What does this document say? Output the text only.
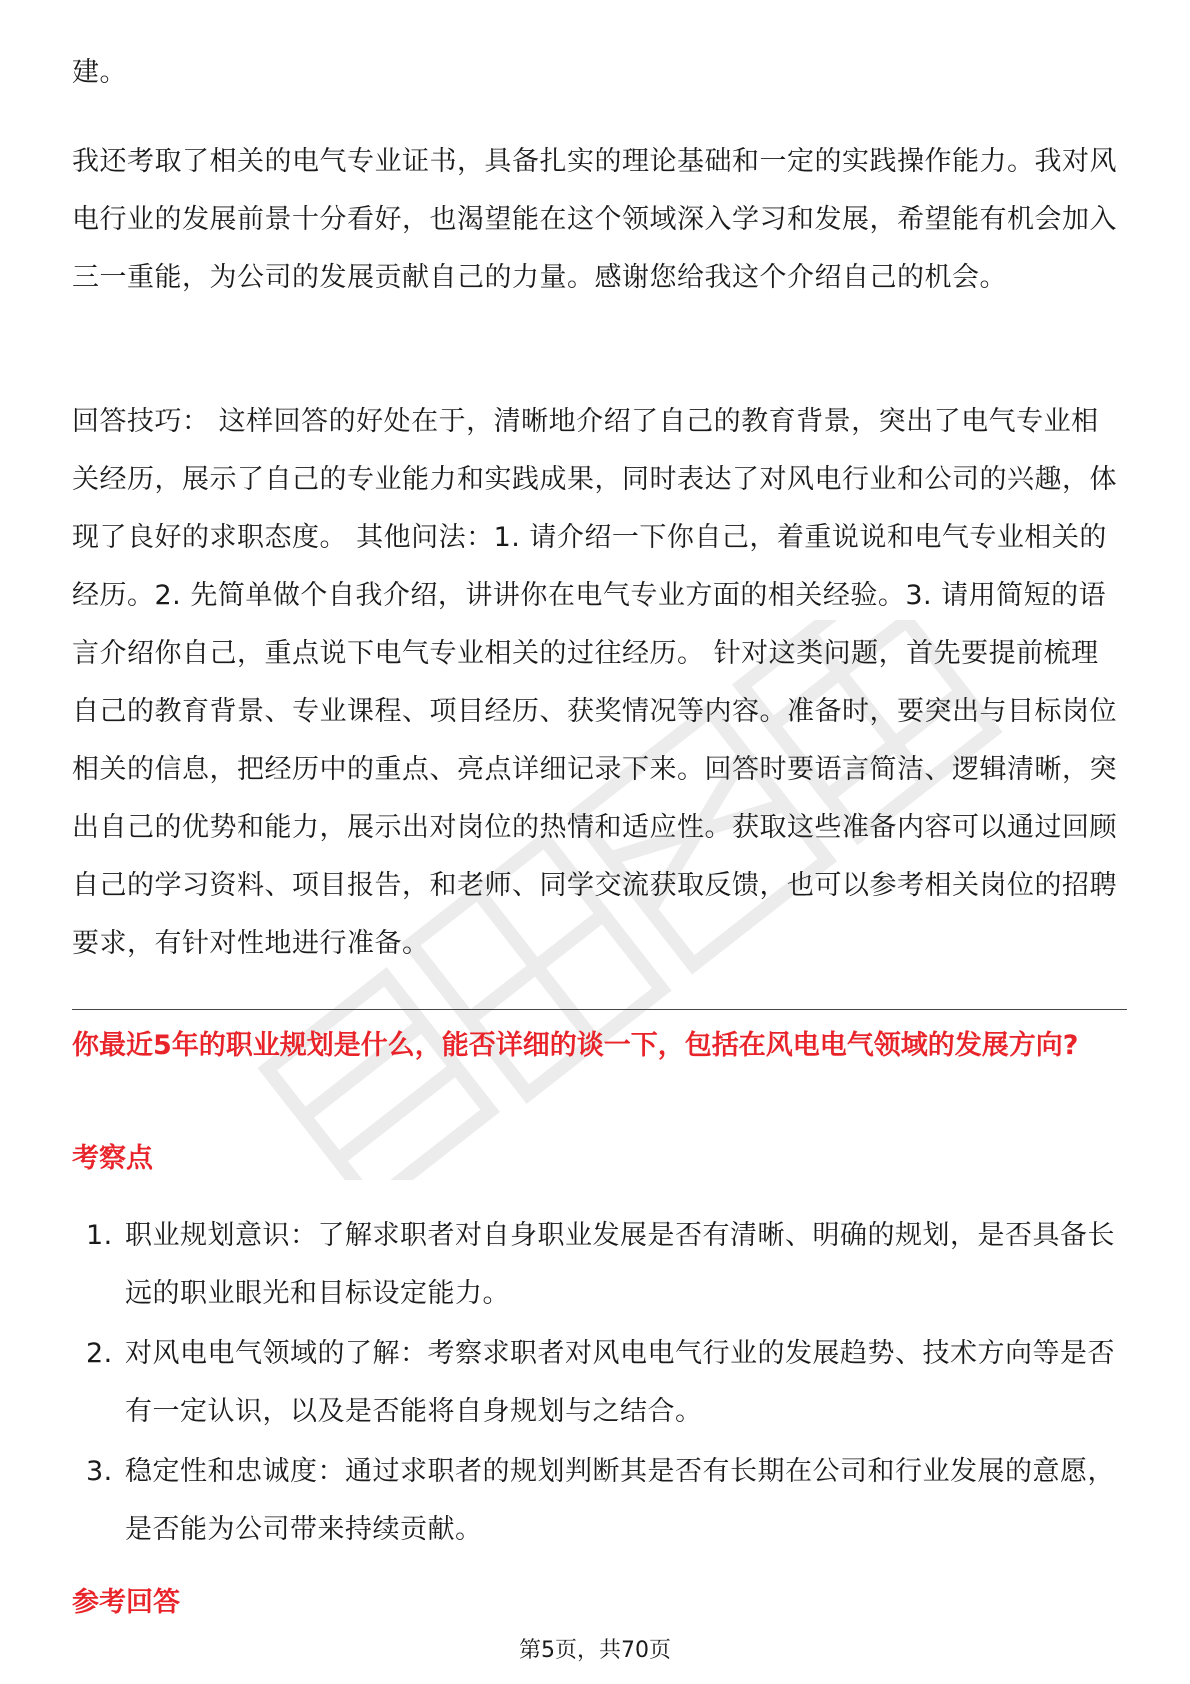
建。

我还考取了相关的电气专业证书，具备扎实的理论基础和一定的实践操作能力。我对风电行业的发展前景十分看好，也渴望能在这个领域深入学习和发展，希望能有机会加入三一重能，为公司的发展贡献自己的力量。感谢您给我这个介绍自己的机会。

回答技巧： 这样回答的好处在于，清晰地介绍了自己的教育背景，突出了电气专业相关经历，展示了自己的专业能力和实践成果，同时表达了对风电行业和公司的兴趣，体现了良好的求职态度。 其他问法：1. 请介绍一下你自己，着重说说和电气专业相关的经历。2. 先简单做个自我介绍，讲讲你在电气专业方面的相关经验。3. 请用简短的语言介绍你自己，重点说下电气专业相关的过往经历。 针对这类问题，首先要提前梳理自己的教育背景、专业课程、项目经历、获奖情况等内容。准备时，要突出与目标岗位相关的信息，把经历中的重点、亮点详细记录下来。回答时要语言简洁、逻辑清晰，突出自己的优势和能力，展示出对岗位的热情和适应性。获取这些准备内容可以通过回顾自己的学习资料、项目报告，和老师、同学交流获取反馈，也可以参考相关岗位的招聘要求，有针对性地进行准备。

你最近5年的职业规划是什么，能否详细的谈一下，包括在风电电气领域的发展方向?

考察点

1. 职业规划意识：了解求职者对自身职业发展是否有清晰、明确的规划，是否具备长远的职业眼光和目标设定能力。
2. 对风电电气领域的了解：考察求职者对风电电气行业的发展趋势、技术方向等是否有一定认识，以及是否能将自身规划与之结合。
3. 稳定性和忠诚度：通过求职者的规划判断其是否有长期在公司和行业发展的意愿，是否能为公司带来持续贡献。

参考回答

第5页，共70页
